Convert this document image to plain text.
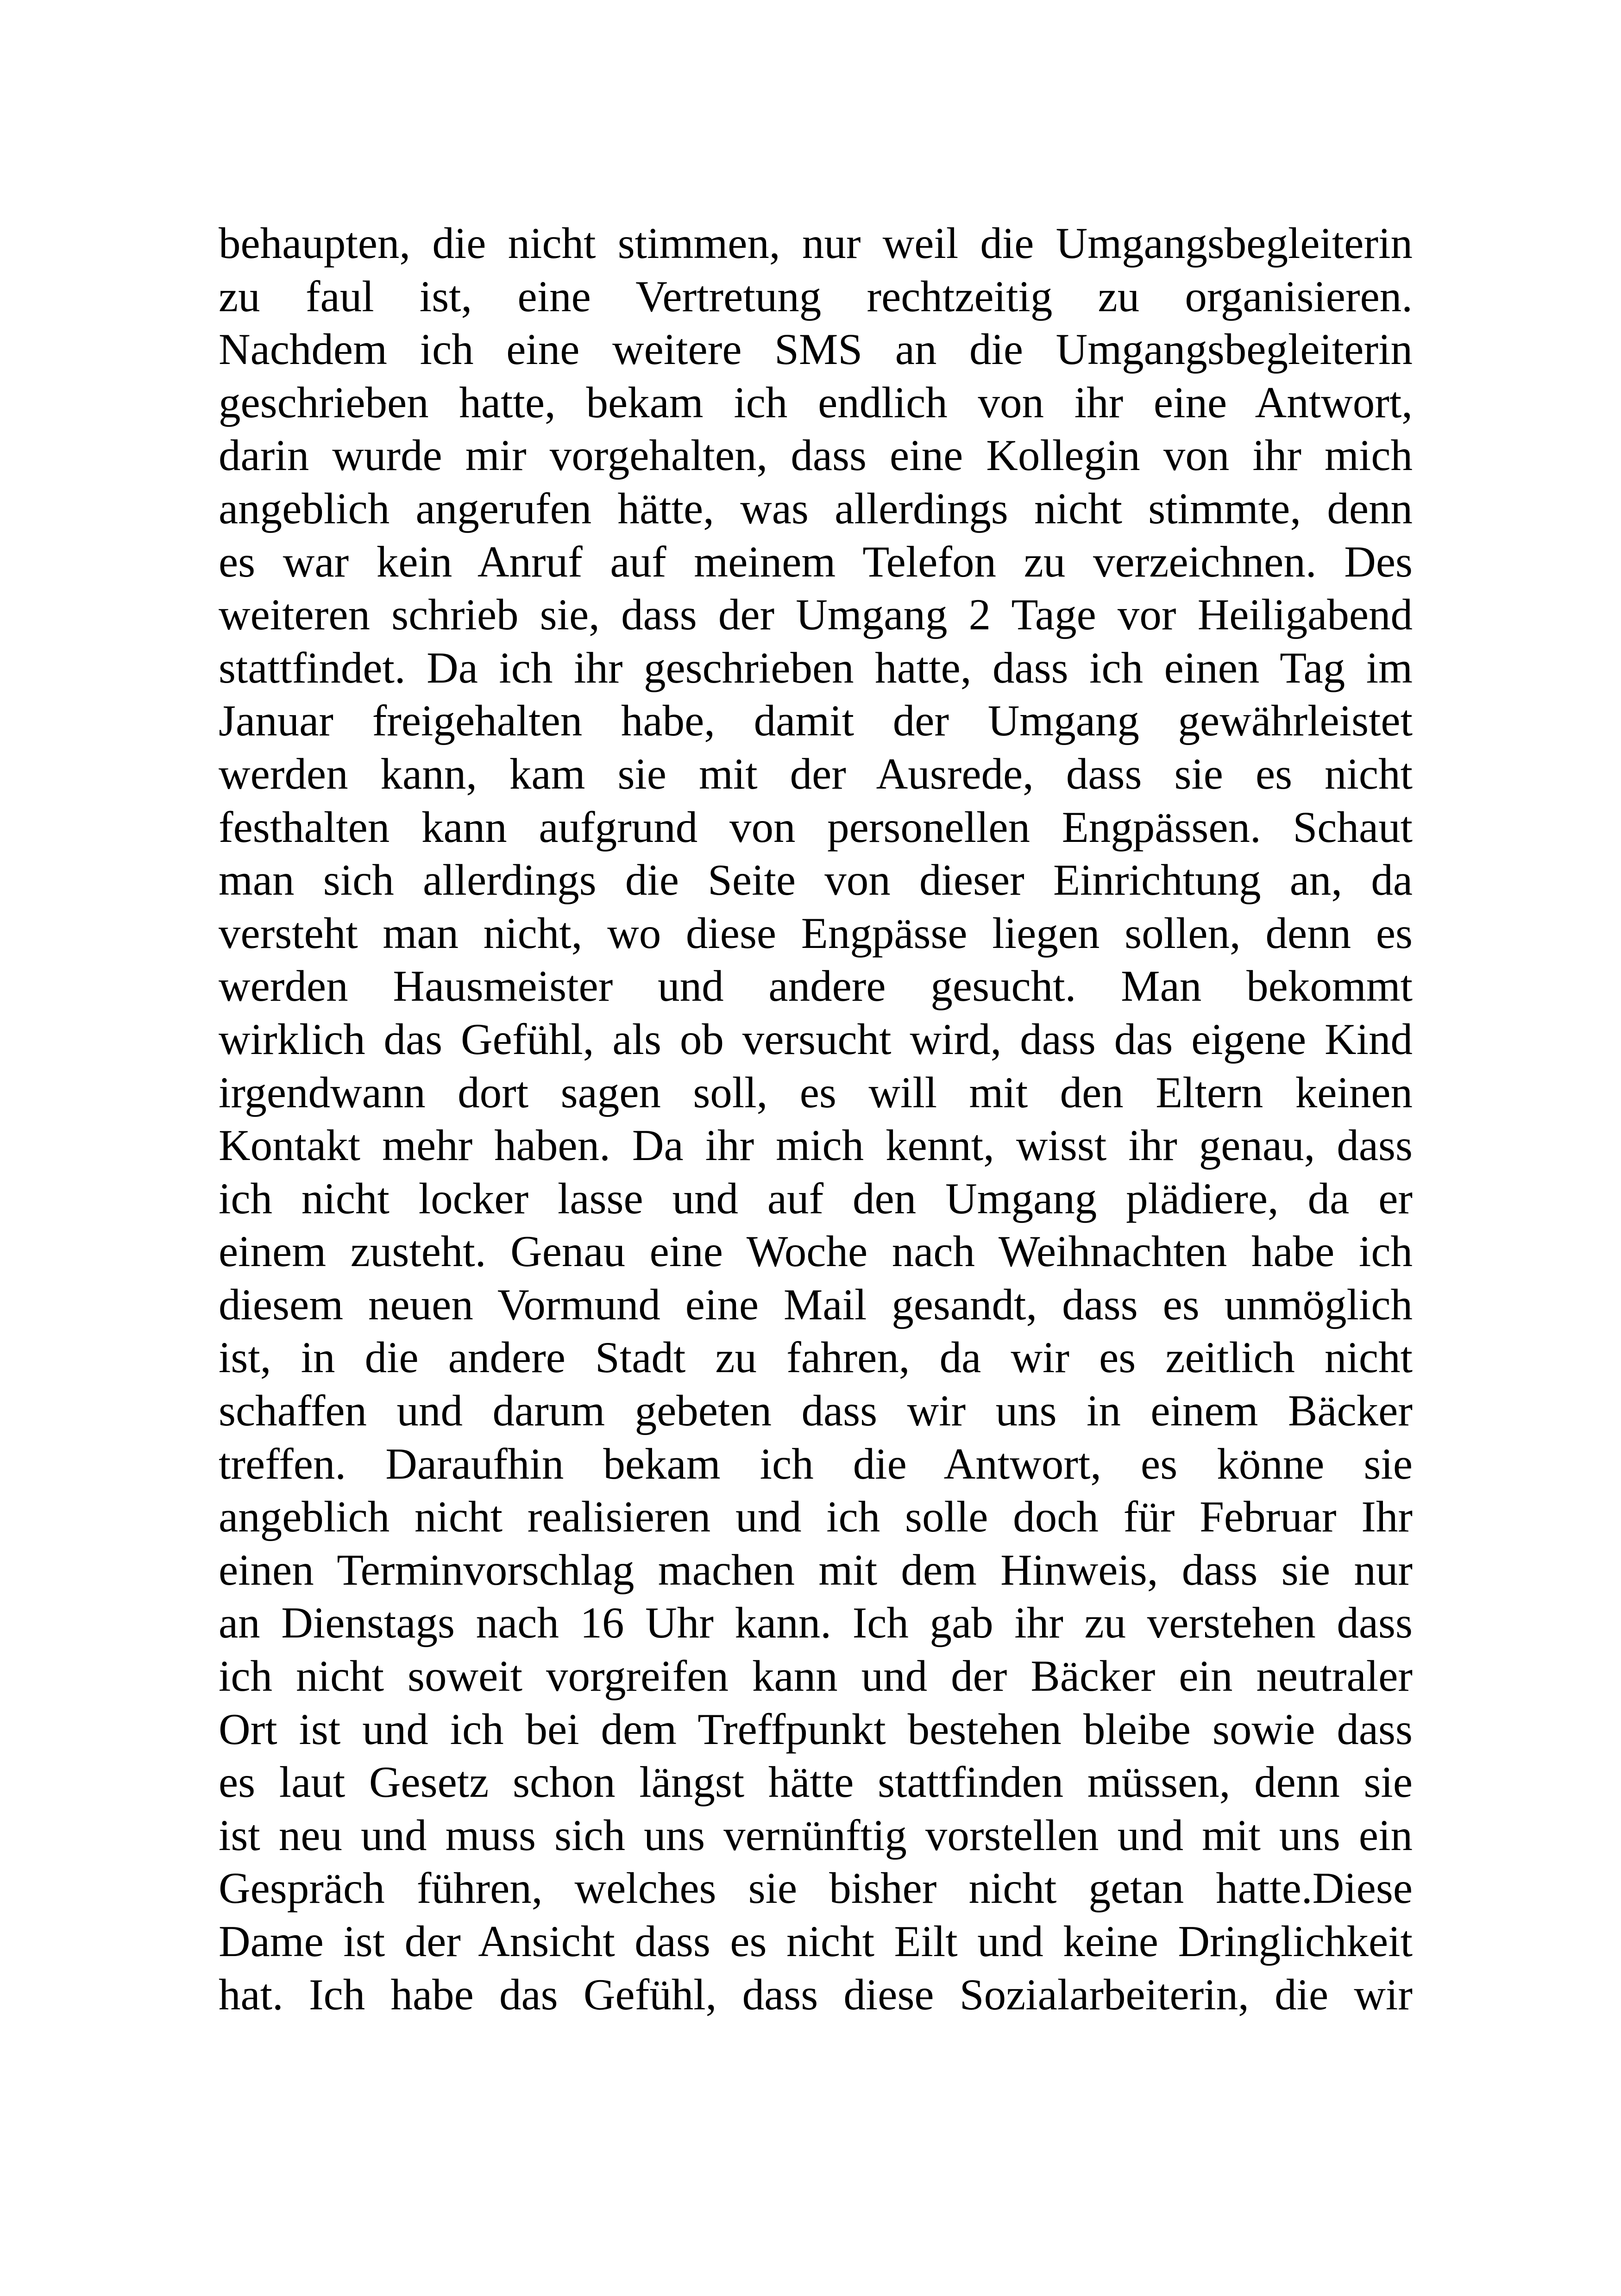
behaupten, die nicht stimmen, nur weil die Umgangsbegleiterin
zu faul ist, eine Vertretung rechtzeitig zu organisieren.
Nachdem ich eine weitere SMS an die Umgangsbegleiterin
geschrieben hatte, bekam ich endlich von ihr eine Antwort,
darin wurde mir vorgehalten, dass eine Kollegin von ihr mich
angeblich angerufen hätte, was allerdings nicht stimmte, denn
es war kein Anruf auf meinem Telefon zu verzeichnen. Des
weiteren schrieb sie, dass der Umgang 2 Tage vor Heiligabend
stattfindet. Da ich ihr geschrieben hatte, dass ich einen Tag im
Januar freigehalten habe, damit der Umgang gewährleistet
werden kann, kam sie mit der Ausrede, dass sie es nicht
festhalten kann aufgrund von personellen Engpässen. Schaut
man sich allerdings die Seite von dieser Einrichtung an, da
versteht man nicht, wo diese Engpässe liegen sollen, denn es
werden Hausmeister und andere gesucht. Man bekommt
wirklich das Gefühl, als ob versucht wird, dass das eigene Kind
irgendwann dort sagen soll, es will mit den Eltern keinen
Kontakt mehr haben. Da ihr mich kennt, wisst ihr genau, dass
ich nicht locker lasse und auf den Umgang plädiere, da er
einem zusteht. Genau eine Woche nach Weihnachten habe ich
diesem neuen Vormund eine Mail gesandt, dass es unmöglich
ist, in die andere Stadt zu fahren, da wir es zeitlich nicht
schaffen und darum gebeten dass wir uns in einem Bäcker
treffen. Daraufhin bekam ich die Antwort, es könne sie
angeblich nicht realisieren und ich solle doch für Februar Ihr
einen Terminvorschlag machen mit dem Hinweis, dass sie nur
an Dienstags nach 16 Uhr kann. Ich gab ihr zu verstehen dass
ich nicht soweit vorgreifen kann und der Bäcker ein neutraler
Ort ist und ich bei dem Treffpunkt bestehen bleibe sowie dass
es laut Gesetz schon längst hätte stattfinden müssen, denn sie
ist neu und muss sich uns vernünftig vorstellen und mit uns ein
Gespräch führen, welches sie bisher nicht getan hatte.Diese
Dame ist der Ansicht dass es nicht Eilt und keine Dringlichkeit
hat. Ich habe das Gefühl, dass diese Sozialarbeiterin, die wir
